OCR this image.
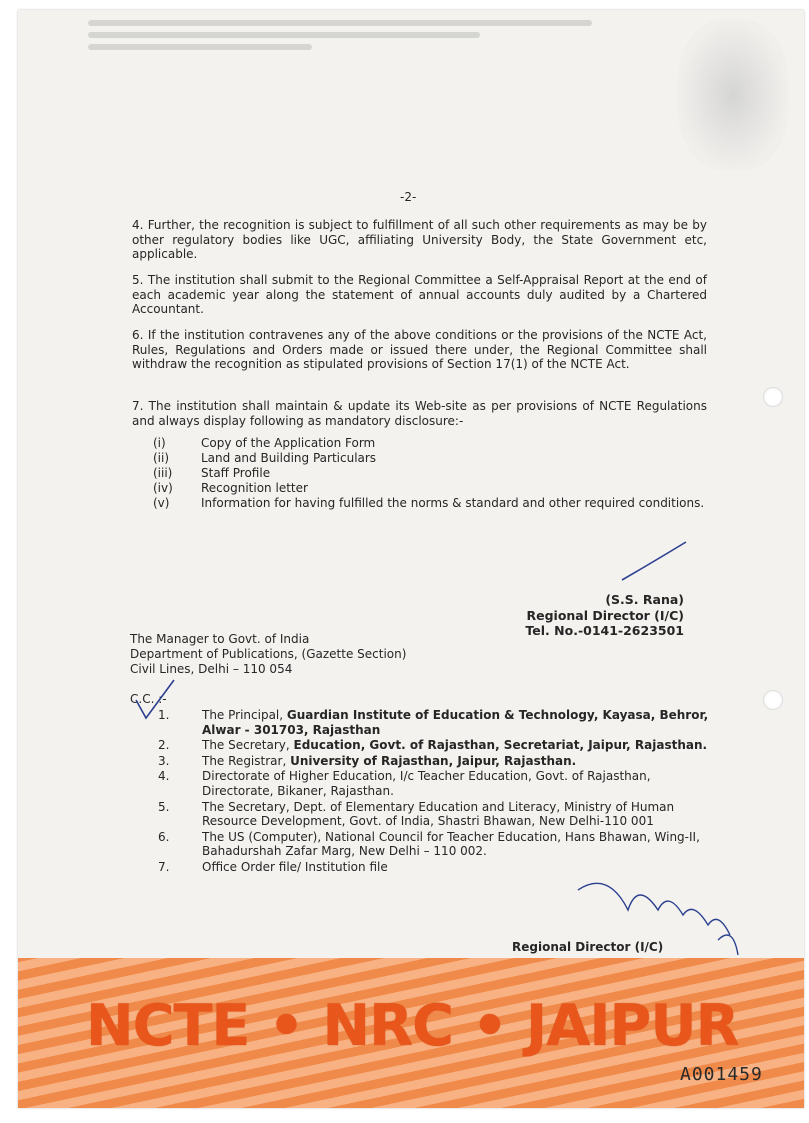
-2-
4. Further, the recognition is subject to fulfillment of all such other requirements as may be by other regulatory bodies like UGC, affiliating University Body, the State Government etc, applicable.
5. The institution shall submit to the Regional Committee a Self-Appraisal Report at the end of each academic year along the statement of annual accounts duly audited by a Chartered Accountant.
6. If the institution contravenes any of the above conditions or the provisions of the NCTE Act, Rules, Regulations and Orders made or issued there under, the Regional Committee shall withdraw the recognition as stipulated provisions of Section 17(1) of the NCTE Act.
7. The institution shall maintain & update its Web-site as per provisions of NCTE Regulations and always display following as mandatory disclosure:-
(i)	Copy of the Application Form
(ii)	Land and Building Particulars
(iii)	Staff Profile
(iv)	Recognition letter
(v)	Information for having fulfilled the norms & standard and other required conditions.
(S.S. Rana)
Regional Director (I/C)
Tel. No.-0141-2623501
The Manager to Govt. of India
Department of Publications, (Gazette Section)
Civil Lines, Delhi – 110 054
C.C. :-
1.	The Principal, Guardian Institute of Education & Technology, Kayasa, Behror, Alwar - 301703, Rajasthan
2.	The Secretary, Education, Govt. of Rajasthan, Secretariat, Jaipur, Rajasthan.
3.	The Registrar, University of Rajasthan, Jaipur, Rajasthan.
4.	Directorate of Higher Education, I/c Teacher Education, Govt. of Rajasthan, Directorate, Bikaner, Rajasthan.
5.	The Secretary, Dept. of Elementary Education and Literacy, Ministry of Human Resource Development, Govt. of India, Shastri Bhawan, New Delhi-110 001
6.	The US (Computer), National Council for Teacher Education, Hans Bhawan, Wing-II, Bahadurshah Zafar Marg, New Delhi – 110 002.
7.	Office Order file/ Institution file
Regional Director (I/C)
NCTE • NRC • JAIPUR
A001459
